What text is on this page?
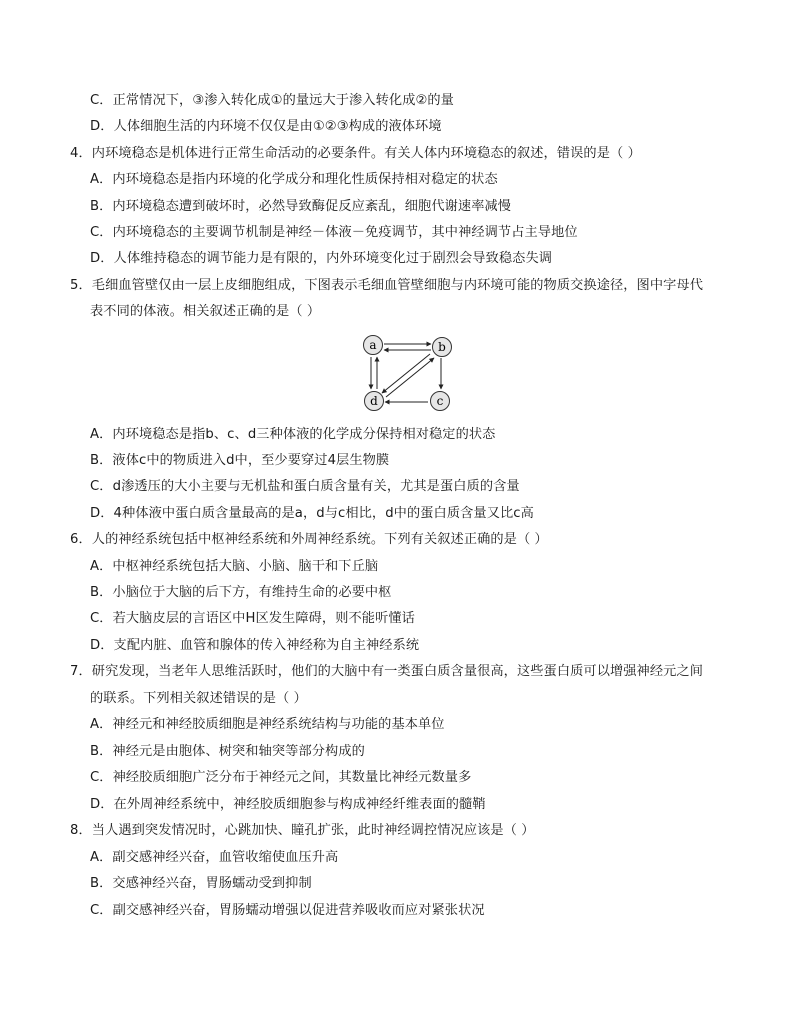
C．正常情况下，③渗入转化成①的量远大于渗入转化成②的量
D．人体细胞生活的内环境不仅仅是由①②③构成的液体环境
4．内环境稳态是机体进行正常生命活动的必要条件。有关人体内环境稳态的叙述，错误的是（ ）
A．内环境稳态是指内环境的化学成分和理化性质保持相对稳定的状态
B．内环境稳态遭到破坏时，必然导致酶促反应紊乱，细胞代谢速率减慢
C．内环境稳态的主要调节机制是神经－体液－免疫调节，其中神经调节占主导地位
D．人体维持稳态的调节能力是有限的，内外环境变化过于剧烈会导致稳态失调
5．毛细血管壁仅由一层上皮细胞组成，下图表示毛细血管壁细胞与内环境可能的物质交换途径，图中字母代
表不同的体液。相关叙述正确的是（ ）
a	b
c
d
A．内环境稳态是指b、c、d三种体液的化学成分保持相对稳定的状态
B．液体c中的物质进入d中，至少要穿过4层生物膜
C．d渗透压的大小主要与无机盐和蛋白质含量有关，尤其是蛋白质的含量
D．4种体液中蛋白质含量最高的是a，d与c相比，d中的蛋白质含量又比c高
6．人的神经系统包括中枢神经系统和外周神经系统。下列有关叙述正确的是（ ）
A．中枢神经系统包括大脑、小脑、脑干和下丘脑
B．小脑位于大脑的后下方，有维持生命的必要中枢
C．若大脑皮层的言语区中H区发生障碍，则不能听懂话
D．支配内脏、血管和腺体的传入神经称为自主神经系统
7．研究发现，当老年人思维活跃时，他们的大脑中有一类蛋白质含量很高，这些蛋白质可以增强神经元之间
的联系。下列相关叙述错误的是（ ）
A．神经元和神经胶质细胞是神经系统结构与功能的基本单位
B．神经元是由胞体、树突和轴突等部分构成的
C．神经胶质细胞广泛分布于神经元之间，其数量比神经元数量多
D．在外周神经系统中，神经胶质细胞参与构成神经纤维表面的髓鞘
8．当人遇到突发情况时，心跳加快、瞳孔扩张，此时神经调控情况应该是（ ）
A．副交感神经兴奋，血管收缩使血压升高
B．交感神经兴奋，胃肠蠕动受到抑制
C．副交感神经兴奋，胃肠蠕动增强以促进营养吸收而应对紧张状况
